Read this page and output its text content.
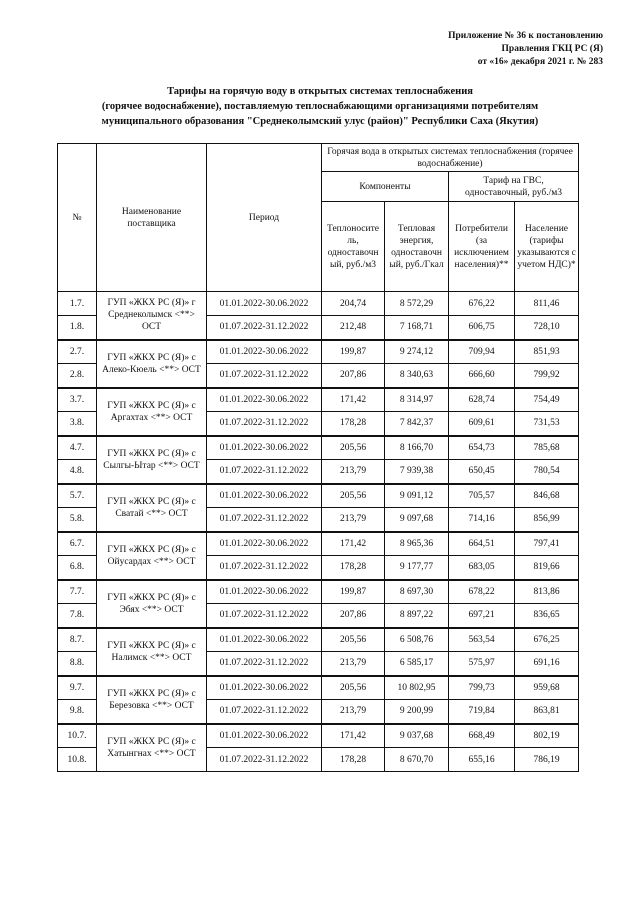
Приложение № 36 к постановлению
Правления ГКЦ РС (Я)
от «16» декабря 2021 г. № 283
Тарифы на горячую воду в открытых системах теплоснабжения
(горячее водоснабжение), поставляемую теплоснабжающими организациями потребителям
муниципального образования "Среднеколымский улус (район)" Республики Саха (Якутия)
№	Наименование поставщика	Период	Горячая вода в открытых системах теплоснабжения (горячее водоснабжение)			
			Компоненты		Тариф на ГВС, одноставочный, руб./м3	
			Теплоносите ль, одноставочн ый, руб./м3	Тепловая энергия, одноставочн ый, руб./Гкал	Потребители (за исключением населения)**	Население (тарифы указываются с учетом НДС)*
1.7.	ГУП «ЖКХ РС (Я)» г Среднеколымск <**> ОСТ	01.01.2022-30.06.2022	204,74	8 572,29	676,22	811,46
1.8.		01.07.2022-31.12.2022	212,48	7 168,71	606,75	728,10
2.7.	ГУП «ЖКХ РС (Я)» с Алеко-Кюель <**> ОСТ	01.01.2022-30.06.2022	199,87	9 274,12	709,94	851,93
2.8.		01.07.2022-31.12.2022	207,86	8 340,63	666,60	799,92
3.7.	ГУП «ЖКХ РС (Я)» с Аргахтах <**> ОСТ	01.01.2022-30.06.2022	171,42	8 314,97	628,74	754,49
3.8.		01.07.2022-31.12.2022	178,28	7 842,37	609,61	731,53
4.7.	ГУП «ЖКХ РС (Я)» с Сылгы-Ытар <**> ОСТ	01.01.2022-30.06.2022	205,56	8 166,70	654,73	785,68
4.8.		01.07.2022-31.12.2022	213,79	7 939,38	650,45	780,54
5.7.	ГУП «ЖКХ РС (Я)» с Сватай <**> ОСТ	01.01.2022-30.06.2022	205,56	9 091,12	705,57	846,68
5.8.		01.07.2022-31.12.2022	213,79	9 097,68	714,16	856,99
6.7.	ГУП «ЖКХ РС (Я)» с Ойусардах <**> ОСТ	01.01.2022-30.06.2022	171,42	8 965,36	664,51	797,41
6.8.		01.07.2022-31.12.2022	178,28	9 177,77	683,05	819,66
7.7.	ГУП «ЖКХ РС (Я)» с Эбях <**> ОСТ	01.01.2022-30.06.2022	199,87	8 697,30	678,22	813,86
7.8.		01.07.2022-31.12.2022	207,86	8 897,22	697,21	836,65
8.7.	ГУП «ЖКХ РС (Я)» с Налимск <**> ОСТ	01.01.2022-30.06.2022	205,56	6 508,76	563,54	676,25
8.8.		01.07.2022-31.12.2022	213,79	6 585,17	575,97	691,16
9.7.	ГУП «ЖКХ РС (Я)» с Березовка <**> ОСТ	01.01.2022-30.06.2022	205,56	10 802,95	799,73	959,68
9.8.		01.07.2022-31.12.2022	213,79	9 200,99	719,84	863,81
10.7.	ГУП «ЖКХ РС (Я)» с Хатынгнах <**> ОСТ	01.01.2022-30.06.2022	171,42	9 037,68	668,49	802,19
10.8.		01.07.2022-31.12.2022	178,28	8 670,70	655,16	786,19
